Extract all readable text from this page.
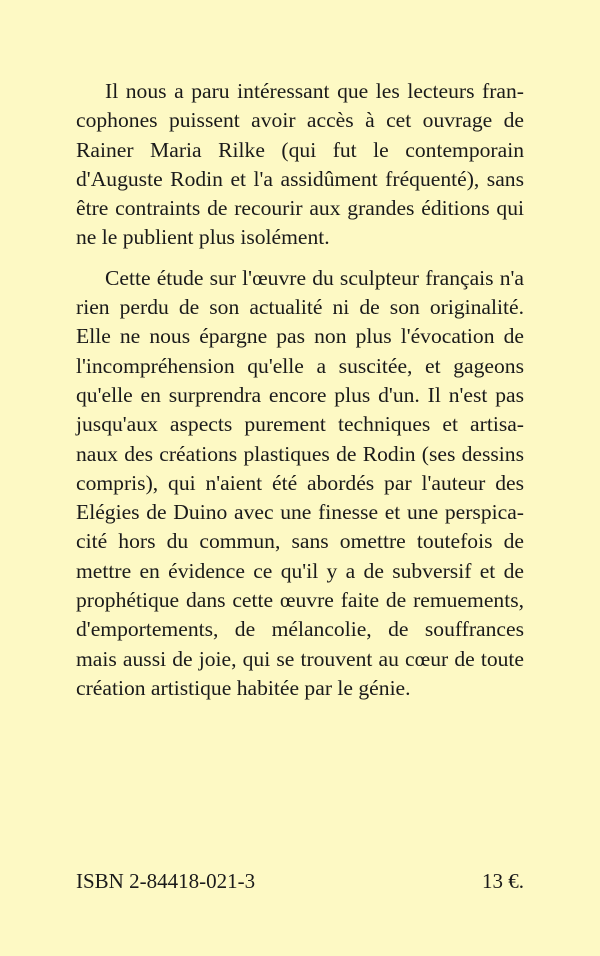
Il nous a paru intéressant que les lecteurs fran-
cophones puissent avoir accès à cet ouvrage de
Rainer Maria Rilke (qui fut le contemporain
d'Auguste Rodin et l'a assidûment fréquenté), sans
être contraints de recourir aux grandes éditions qui
ne le publient plus isolément.
Cette étude sur l'œuvre du sculpteur français n'a
rien perdu de son actualité ni de son originalité.
Elle ne nous épargne pas non plus l'évocation de
l'incompréhension qu'elle a suscitée, et gageons
qu'elle en surprendra encore plus d'un. Il n'est pas
jusqu'aux aspects purement techniques et artisa-
naux des créations plastiques de Rodin (ses dessins
compris), qui n'aient été abordés par l'auteur des
Elégies de Duino avec une finesse et une perspica-
cité hors du commun, sans omettre toutefois de
mettre en évidence ce qu'il y a de subversif et de
prophétique dans cette œuvre faite de remuements,
d'emportements, de mélancolie, de souffrances
mais aussi de joie, qui se trouvent au cœur de toute
création artistique habitée par le génie.
ISBN 2-84418-021-3	13 €.
